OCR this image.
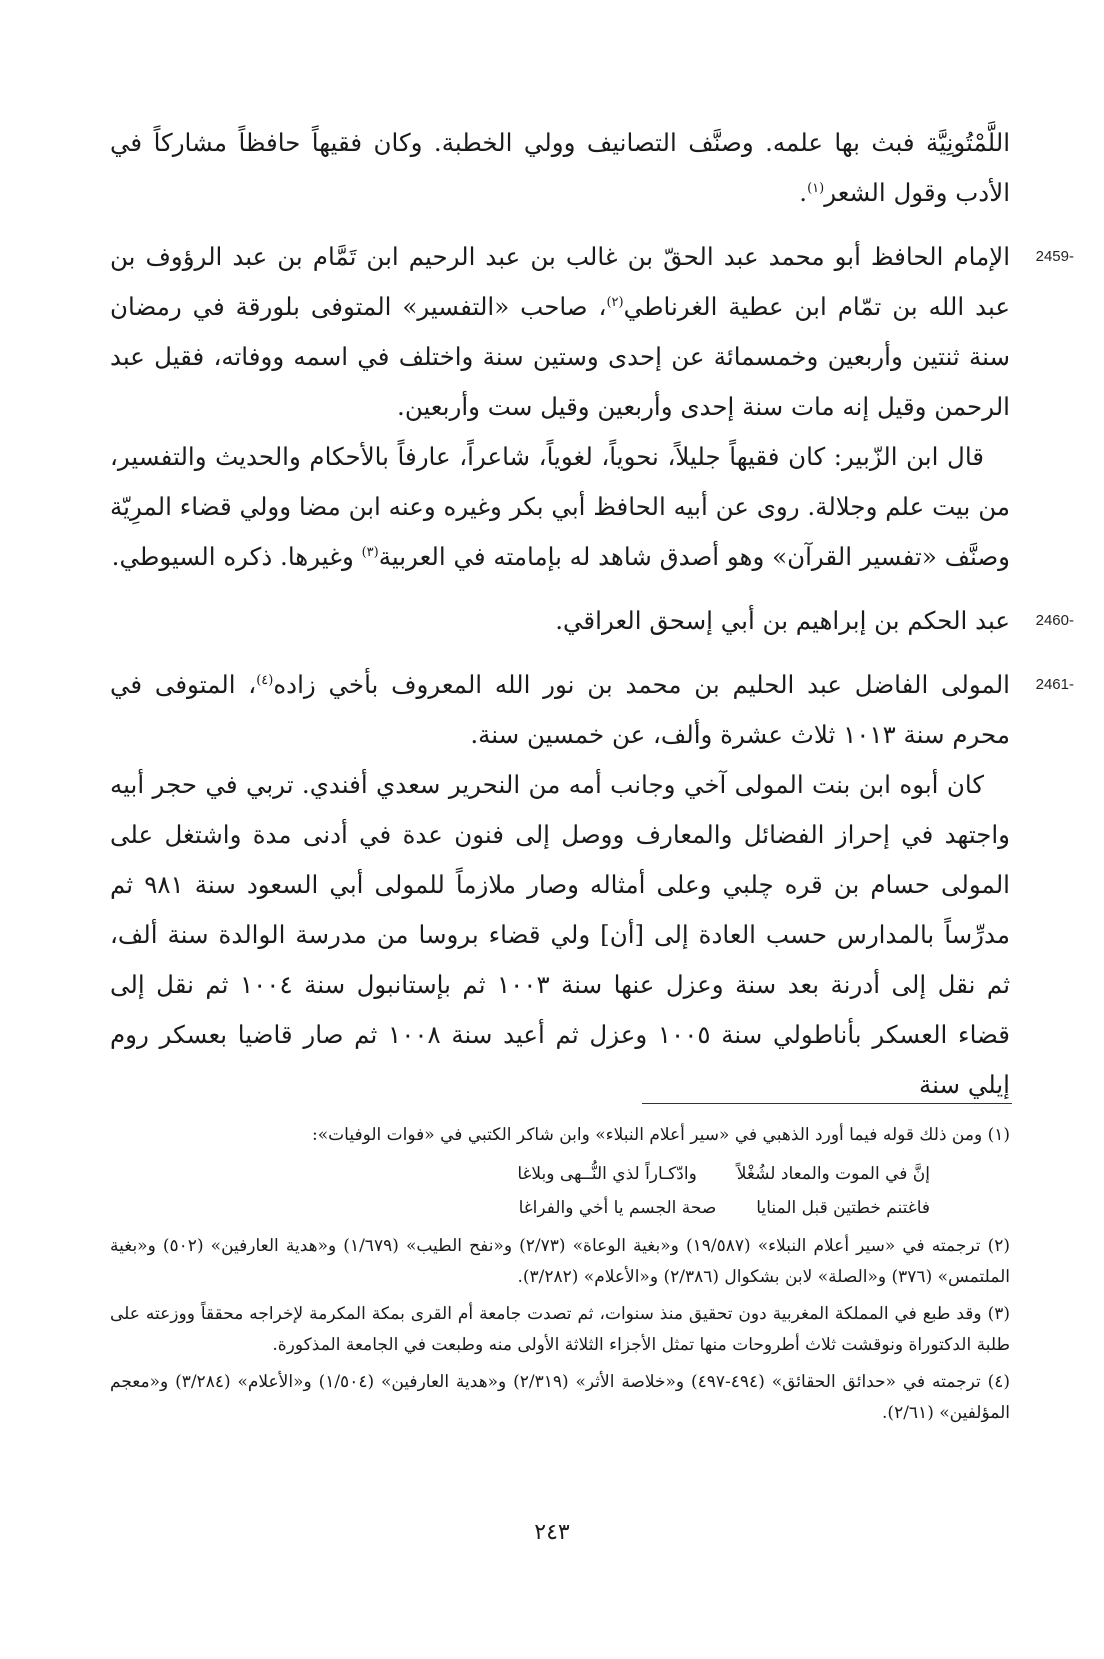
اللَّمْتُونِيَّة فبث بها علمه. وصنَّف التصانيف وولي الخطبة. وكان فقيهاً حافظاً مشاركاً في الأدب وقول الشعر$^{(١)}$.

2459-

الإمام الحافظ أبو محمد عبد الحقّ بن غالب بن عبد الرحيم ابن تَمَّام بن عبد الرؤوف بن عبد الله بن تمّام ابن عطية الغرناطي$^{(٢)}$، صاحب «التفسير» المتوفى بلورقة في رمضان سنة ثنتين وأربعين وخمسمائة عن إحدى وستين سنة واختلف في اسمه ووفاته، فقيل عبد الرحمن وقيل إنه مات سنة إحدى وأربعين وقيل ست وأربعين.

قال ابن الزّبير: كان فقيهاً جليلاً، نحوياً، لغوياً، شاعراً، عارفاً بالأحكام والحديث والتفسير، من بيت علم وجلالة. روى عن أبيه الحافظ أبي بكر وغيره وعنه ابن مضا وولي قضاء المرِيّة وصنَّف «تفسير القرآن» وهو أصدق شاهد له بإمامته في العربية$^{(٣)}$ وغيرها. ذكره السيوطي.

2460-

عبد الحكم بن إبراهيم بن أبي إسحق العراقي.

2461-

المولى الفاضل عبد الحليم بن محمد بن نور الله المعروف بأخي زاده$^{(٤)}$، المتوفى في محرم سنة ١٠١٣ ثلاث عشرة وألف، عن خمسين سنة.

كان أبوه ابن بنت المولى آخي وجانب أمه من النحرير سعدي أفندي. تربي في حجر أبيه واجتهد في إحراز الفضائل والمعارف ووصل إلى فنون عدة في أدنى مدة واشتغل على المولى حسام بن قره چلبي وعلى أمثاله وصار ملازماً للمولى أبي السعود سنة ٩٨١ ثم مدرِّساً بالمدارس حسب العادة إلى [أن] ولي قضاء بروسا من مدرسة الوالدة سنة ألف، ثم نقل إلى أدرنة بعد سنة وعزل عنها سنة ١٠٠٣ ثم بإستانبول سنة ١٠٠٤ ثم نقل إلى قضاء العسكر بأناطولي سنة ١٠٠٥ وعزل ثم أعيد سنة ١٠٠٨ ثم صار قاضيا بعسكر روم إيلي سنة

(١) ومن ذلك قوله فيما أورد الذهبي في «سير أعلام النبلاء» وابن شاكر الكتبي في «فوات الوفيات»:

إنَّ في الموت والمعاد لشُغْلاً
وادّكـاراً لذي النُّــهى وبلاغا
فاغتنم خطتين قبل المنايا
صحة الجسم يا أخي والفراغا

(٢) ترجمته في «سير أعلام النبلاء» (١٩/٥٨٧) و«بغية الوعاة» (٢/٧٣) و«نفح الطيب» (١/٦٧٩) و«هدية العارفين» (٥٠٢) و«بغية الملتمس» (٣٧٦) و«الصلة» لابن بشكوال (٢/٣٨٦) و«الأعلام» (٣/٢٨٢).

(٣) وقد طبع في المملكة المغربية دون تحقيق منذ سنوات، ثم تصدت جامعة أم القرى بمكة المكرمة لإخراجه محققاً ووزعته على طلبة الدكتوراة ونوقشت ثلاث أطروحات منها تمثل الأجزاء الثلاثة الأولى منه وطبعت في الجامعة المذكورة.

(٤) ترجمته في «حدائق الحقائق» (٤٩٤-٤٩٧) و«خلاصة الأثر» (٢/٣١٩) و«هدية العارفين» (١/٥٠٤) و«الأعلام» (٣/٢٨٤) و«معجم المؤلفين» (٢/٦١).

٢٤٣
